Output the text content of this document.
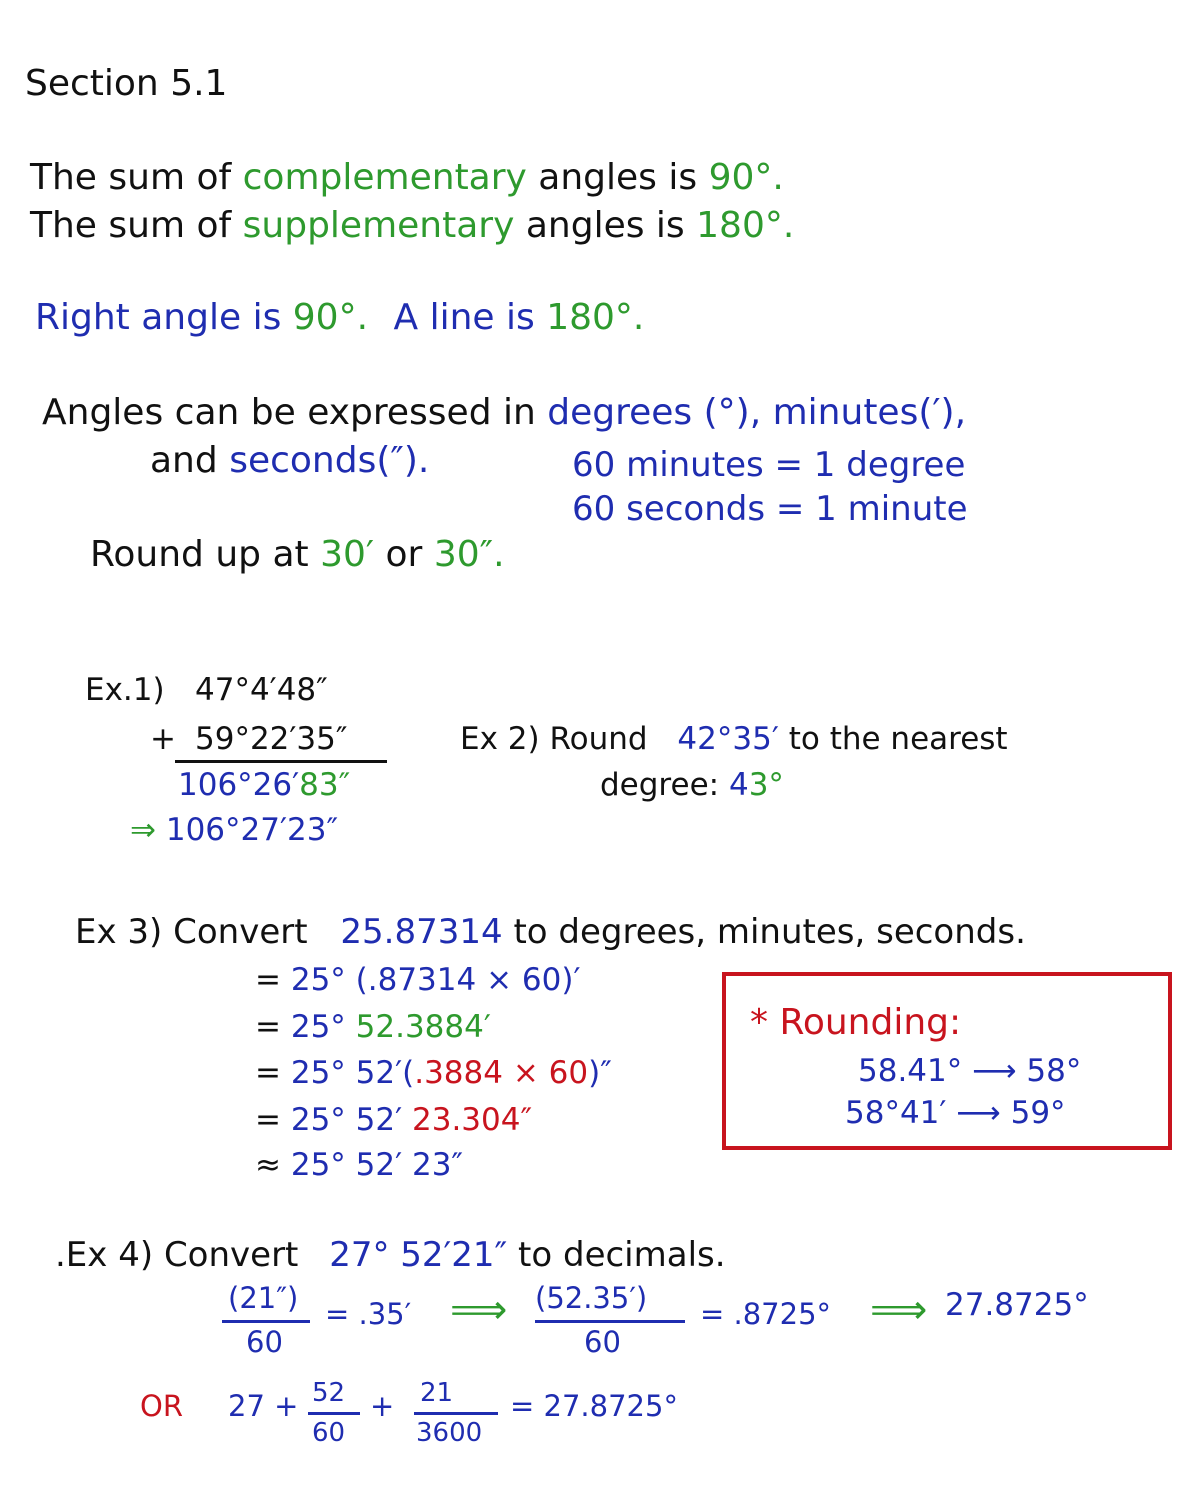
Section 5.1
The sum of complementary angles is 90°.
The sum of supplementary angles is 180°.
Right angle is 90°. A line is 180°.
Angles can be expressed in degrees (°), minutes(′),
and seconds(″).	60 minutes = 1 degree
60 seconds = 1 minute
Round up at 30′ or 30″.
Ex.1) 47°4′48″
+ 59°22′35″
106°26′83″
⇒ 106°27′23″
Ex 2) Round 42°35′ to the nearest
degree: 43°
Ex 3) Convert 25.87314 to degrees, minutes, seconds.
= 25° (.87314 × 60)′
= 25° 52.3884′
= 25° 52′(.3884 × 60)″
= 25° 52′ 23.304″
≈ 25° 52′ 23″
* Rounding:
58.41° ⟶ 58°
58°41′ ⟶ 59°
.Ex 4) Convert 27° 52′21″ to decimals.
(21″)
60
= .35′ ⟹ (52.35′)
60
= .8725° ⟹ 27.8725°
OR 27 + 52
60
+ 21
3600
= 27.8725°
